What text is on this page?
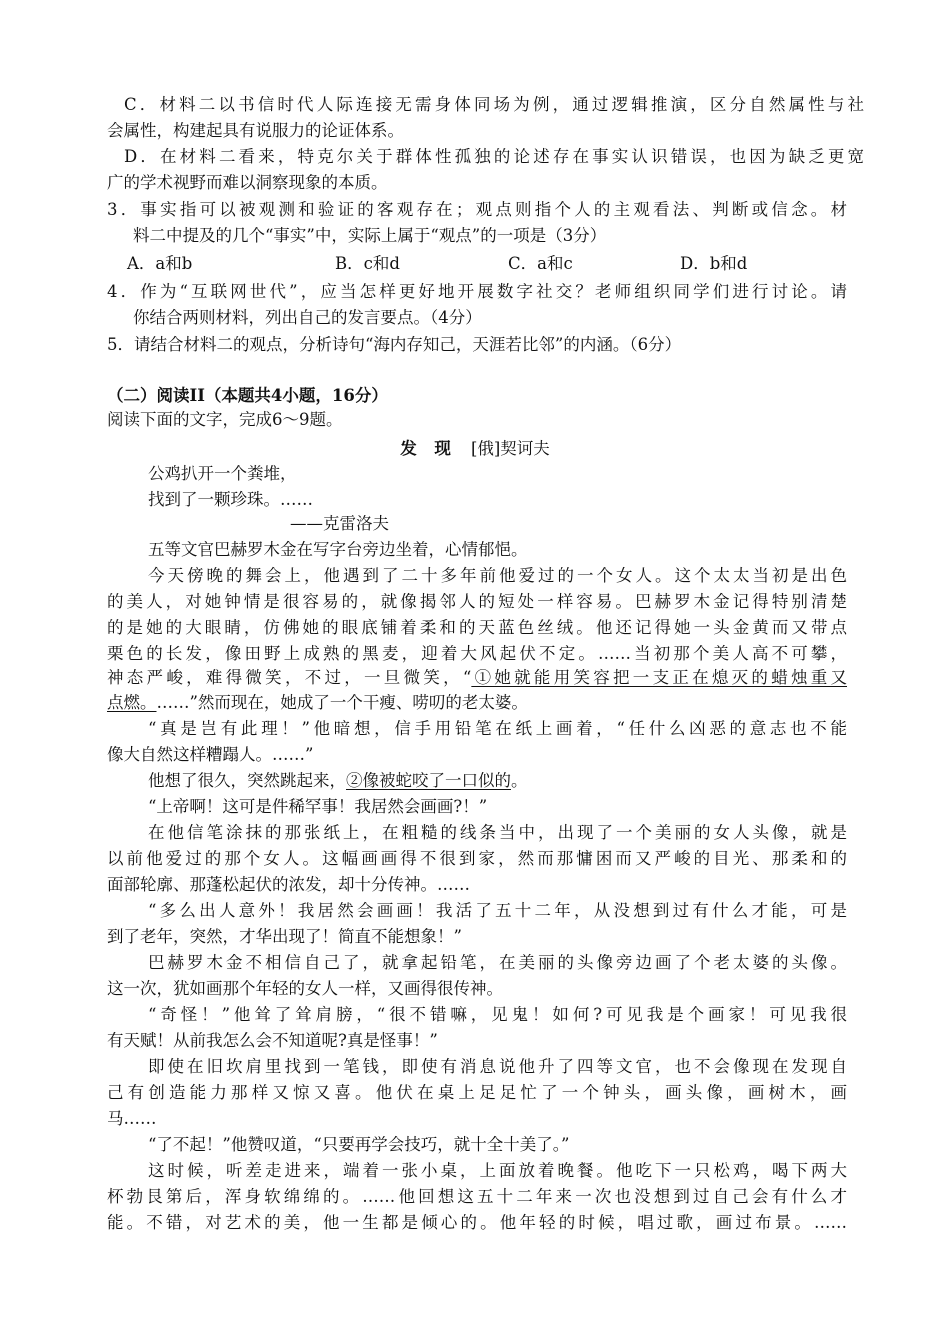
C．材料二以书信时代人际连接无需身体同场为例，通过逻辑推演，区分自然属性与社
会属性，构建起具有说服力的论证体系。
D．在材料二看来，特克尔关于群体性孤独的论述存在事实认识错误，也因为缺乏更宽
广的学术视野而难以洞察现象的本质。
3．事实指可以被观测和验证的客观存在；观点则指个人的主观看法、判断或信念。材
料二中提及的几个“事实”中，实际上属于“观点”的一项是（3分）
A．a和b	B．c和d	C．a和c	D．b和d
4．作为“互联网世代”，应当怎样更好地开展数字社交？老师组织同学们进行讨论。请
你结合两则材料，列出自己的发言要点。（4分）
5．请结合材料二的观点，分析诗句“海内存知己，天涯若比邻”的内涵。（6分）
（二）阅读II（本题共4小题，16分）
阅读下面的文字，完成6～9题。
发 现 [俄]契诃夫
公鸡扒开一个粪堆，
找到了一颗珍珠。……
——克雷洛夫
五等文官巴赫罗木金在写字台旁边坐着，心情郁悒。
今天傍晚的舞会上，他遇到了二十多年前他爱过的一个女人。这个太太当初是出色
的美人，对她钟情是很容易的，就像揭邻人的短处一样容易。巴赫罗木金记得特别清楚
的是她的大眼睛，仿佛她的眼底铺着柔和的天蓝色丝绒。他还记得她一头金黄而又带点
栗色的长发，像田野上成熟的黑麦，迎着大风起伏不定。……当初那个美人高不可攀，
神态严峻，难得微笑，不过，一旦微笑，“①她就能用笑容把一支正在熄灭的蜡烛重又
点燃。……”然而现在，她成了一个干瘦、唠叨的老太婆。
“真是岂有此理！”他暗想，信手用铅笔在纸上画着，“任什么凶恶的意志也不能
像大自然这样糟蹋人。……”
他想了很久，突然跳起来，②像被蛇咬了一口似的。
“上帝啊！这可是件稀罕事！我居然会画画?！”
在他信笔涂抹的那张纸上，在粗糙的线条当中，出现了一个美丽的女人头像，就是
以前他爱过的那个女人。这幅画画得不很到家，然而那慵困而又严峻的目光、那柔和的
面部轮廓、那蓬松起伏的浓发，却十分传神。……
“多么出人意外！我居然会画画！我活了五十二年，从没想到过有什么才能，可是
到了老年，突然，才华出现了！简直不能想象！”
巴赫罗木金不相信自己了，就拿起铅笔，在美丽的头像旁边画了个老太婆的头像。
这一次，犹如画那个年轻的女人一样，又画得很传神。
“奇怪！”他耸了耸肩膀，“很不错嘛，见鬼！如何?可见我是个画家！可见我很
有天赋！从前我怎么会不知道呢?真是怪事！”
即使在旧坎肩里找到一笔钱，即使有消息说他升了四等文官，也不会像现在发现自
己有创造能力那样又惊又喜。他伏在桌上足足忙了一个钟头，画头像，画树木，画
马……
“了不起！”他赞叹道，“只要再学会技巧，就十全十美了。”
这时候，听差走进来，端着一张小桌，上面放着晚餐。他吃下一只松鸡，喝下两大
杯勃艮第后，浑身软绵绵的。……他回想这五十二年来一次也没想到过自己会有什么才
能。不错，对艺术的美，他一生都是倾心的。他年轻的时候，唱过歌，画过布景。……
